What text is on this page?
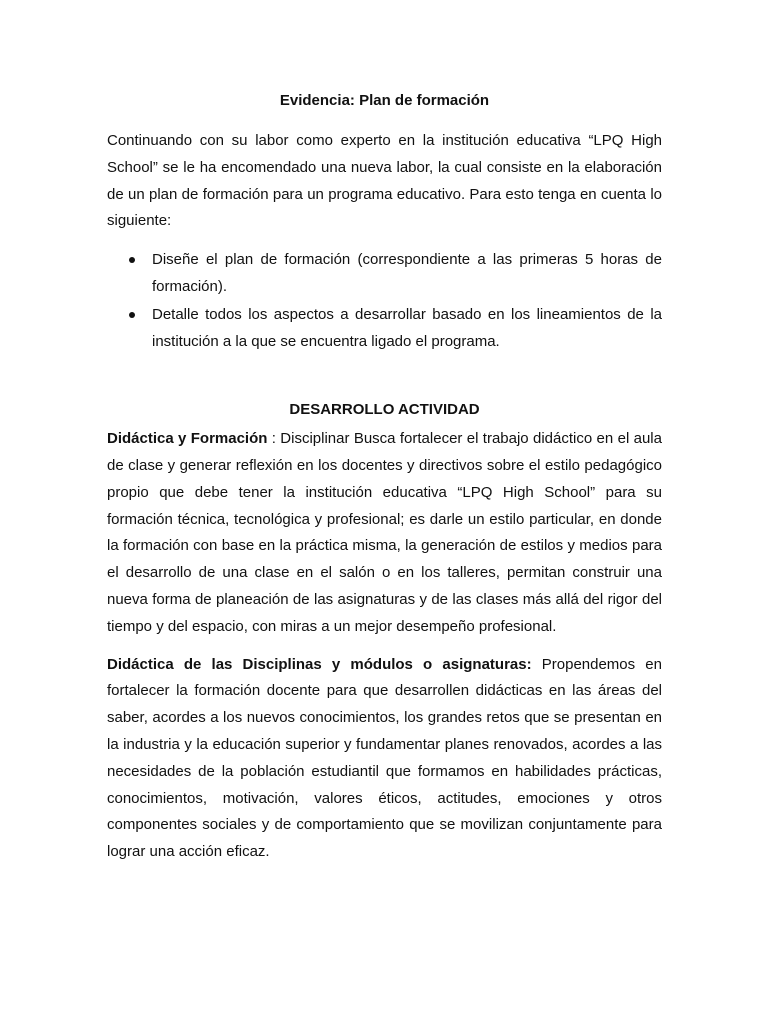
Evidencia: Plan de formación

Continuando con su labor como experto en la institución educativa “LPQ High School” se le ha encomendado una nueva labor, la cual consiste en la elaboración de un plan de formación para un programa educativo. Para esto tenga en cuenta lo siguiente:

Diseñe el plan de formación (correspondiente a las primeras 5 horas de formación).
Detalle todos los aspectos a desarrollar basado en los lineamientos de la institución a la que se encuentra ligado el programa.
DESARROLLO ACTIVIDAD

Didáctica y Formación : Disciplinar Busca fortalecer el trabajo didáctico en el aula de clase y generar reflexión en los docentes y directivos sobre el estilo pedagógico propio que debe tener la institución educativa “LPQ High School” para su formación técnica, tecnológica y profesional; es darle un estilo particular, en donde la formación con base en la práctica misma, la generación de estilos y medios para el desarrollo de una clase en el salón o en los talleres, permitan construir una nueva forma de planeación de las asignaturas y de las clases más allá del rigor del tiempo y del espacio, con miras a un mejor desempeño profesional.

Didáctica de las Disciplinas y módulos o asignaturas: Propendemos en fortalecer la formación docente para que desarrollen didácticas en las áreas del saber, acordes a los nuevos conocimientos, los grandes retos que se presentan en la industria y la educación superior y fundamentar planes renovados, acordes a las necesidades de la población estudiantil que formamos en habilidades prácticas, conocimientos, motivación, valores éticos, actitudes, emociones y otros componentes sociales y de comportamiento que se movilizan conjuntamente para lograr una acción eficaz.
